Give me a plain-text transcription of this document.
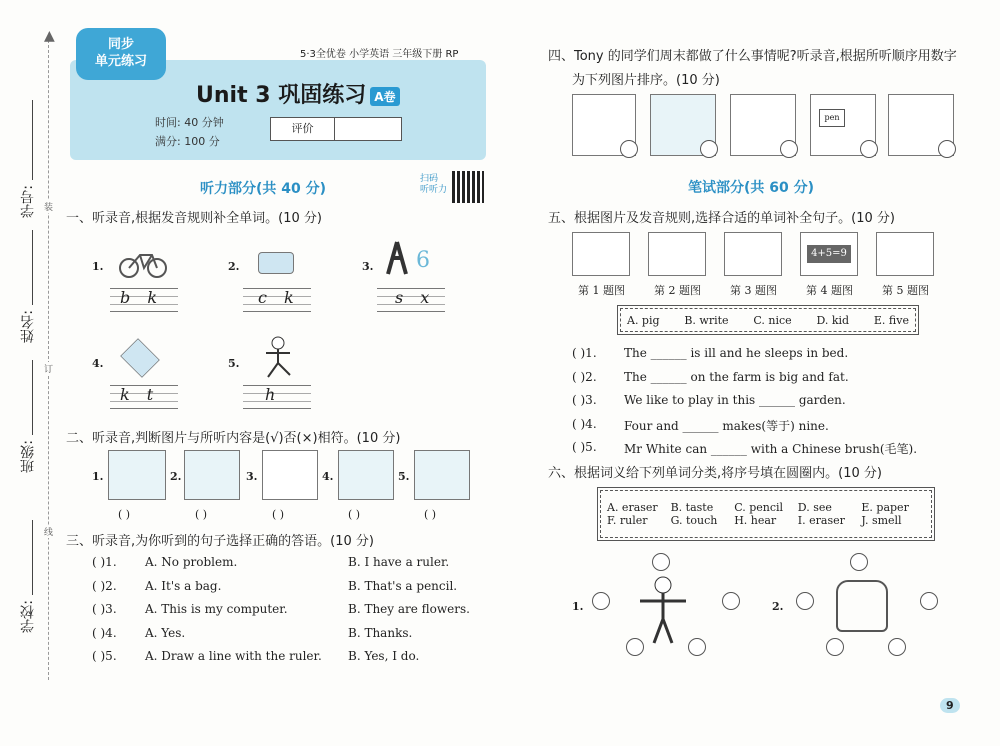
学校:
班级:
姓名:
学号: 装
订
线
▲
同步
单元练习	5·3全优卷 小学英语 三年级下册 RP
Unit 3 巩固练习 A卷
时间: 40 分钟
满分: 100 分
评价
听力部分(共 40 分)
扫码
听听力
一、听录音,根据发音规则补全单词。(10 分)
1.
b k
2.
c k
3. 6
s x
4.
k t
5.
h
二、听录音,判断图片与所听内容是(√)否(×)相符。(10 分)
1.
( )
2.
( )
3.
( )
4.
( )
5.
( )
三、听录音,为你听到的句子选择正确的答语。(10 分)
( )1. A. No problem.	B. I have a ruler.
( )2. A. It's a bag.	B. That's a pencil.
( )3. A. This is my computer.	B. They are flowers.
( )4. A. Yes.	B. Thanks.
( )5. A. Draw a line with the ruler. B. Yes, I do.
四、Tony 的同学们周末都做了什么事情呢?听录音,根据所听顺序用数字
为下列图片排序。(10 分)
pen
笔试部分(共 60 分)
五、根据图片及发音规则,选择合适的单词补全句子。(10 分)
4+5=9
第 1 题图	第 2 题图	第 3 题图	第 4 题图	第 5 题图
A. pig B. write C. nice D. kid E. five
( )1. The ______ is ill and he sleeps in bed.
( )2. The ______ on the farm is big and fat.
( )3. We like to play in this ______ garden.
( )4. Four and ______ makes(等于) nine.
( )5. Mr White can ______ with a Chinese brush(毛笔).
六、根据词义给下列单词分类,将序号填在圆圈内。(10 分)
A. eraser	B. taste	C. pencil	D. see	E. paper
F. ruler	G. touch	H. hear	I. eraser	J. smell
1.	2.
9
